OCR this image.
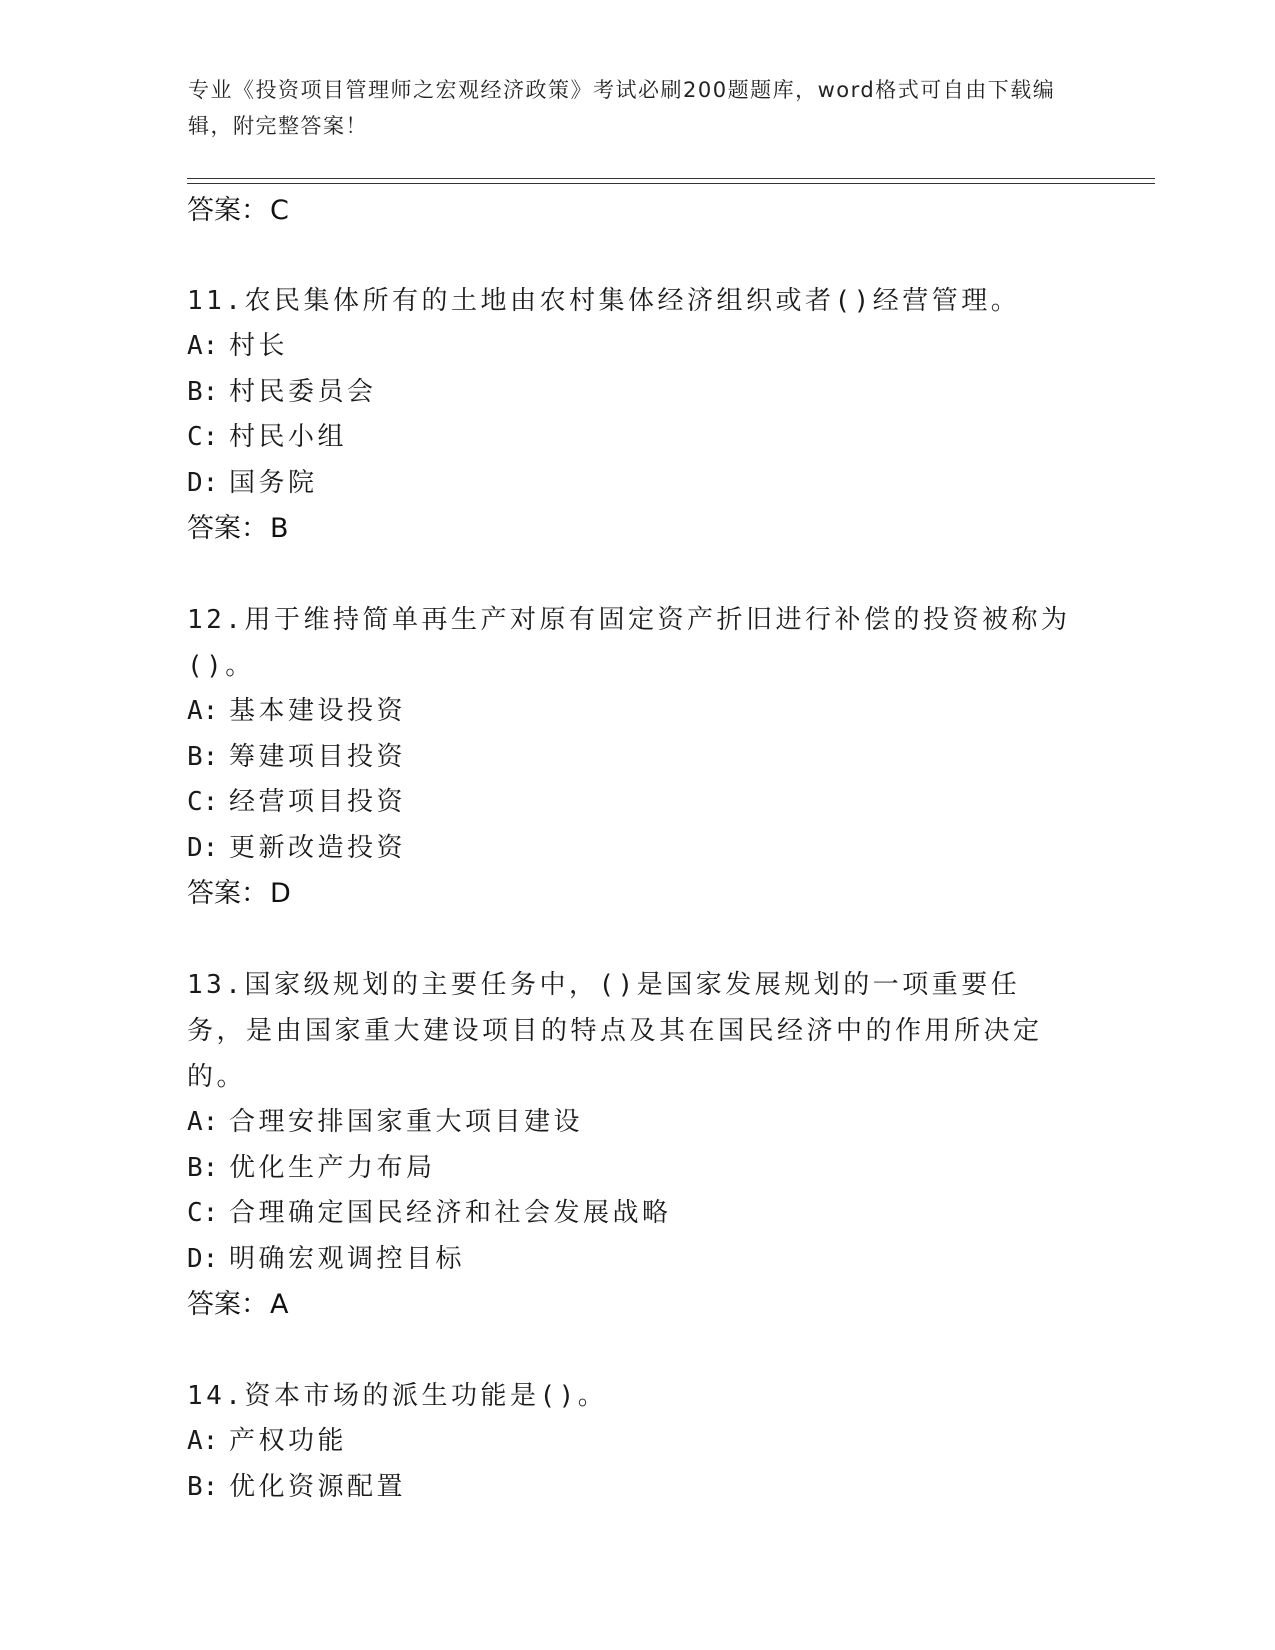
专业《投资项目管理师之宏观经济政策》考试必刷200题题库，word格式可自由下载编辑，附完整答案！
答案：C
11.农民集体所有的土地由农村集体经济组织或者()经营管理。
A: 村长
B: 村民委员会
C: 村民小组
D: 国务院
答案：B
12.用于维持简单再生产对原有固定资产折旧进行补偿的投资被称为()。
A: 基本建设投资
B: 筹建项目投资
C: 经营项目投资
D: 更新改造投资
答案：D
13.国家级规划的主要任务中，()是国家发展规划的一项重要任务，是由国家重大建设项目的特点及其在国民经济中的作用所决定的。
A: 合理安排国家重大项目建设
B: 优化生产力布局
C: 合理确定国民经济和社会发展战略
D: 明确宏观调控目标
答案：A
14.资本市场的派生功能是()。
A: 产权功能
B: 优化资源配置
